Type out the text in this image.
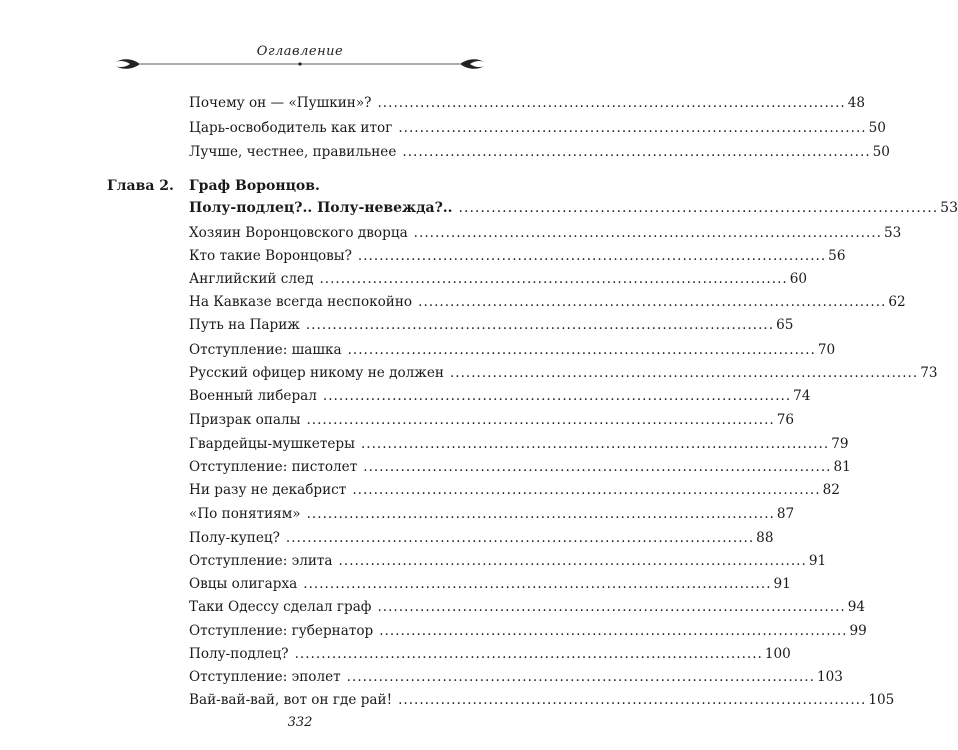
Оглавление
Почему он — «Пушкин»? ........................................................................................ 48
Царь-освободитель как итог ........................................................................................ 50
Лучше, честнее, правильнее ........................................................................................ 50
Глава 2. Граф Воронцов.
Полу-подлец?.. Полу-невежда?.. ........................................................................................ 53
Хозяин Воронцовского дворца ........................................................................................ 53
Кто такие Воронцовы? ........................................................................................ 56
Английский след ........................................................................................ 60
На Кавказе всегда неспокойно ........................................................................................ 62
Путь на Париж ........................................................................................ 65
Отступление: шашка ........................................................................................ 70
Русский офицер никому не должен ........................................................................................ 73
Военный либерал ........................................................................................ 74
Призрак опалы ........................................................................................ 76
Гвардейцы-мушкетеры ........................................................................................ 79
Отступление: пистолет ........................................................................................ 81
Ни разу не декабрист ........................................................................................ 82
«По понятиям» ........................................................................................ 87
Полу-купец? ........................................................................................ 88
Отступление: элита ........................................................................................ 91
Овцы олигарха ........................................................................................ 91
Таки Одессу сделал граф ........................................................................................ 94
Отступление: губернатор ........................................................................................ 99
Полу-подлец? ........................................................................................ 100
Отступление: эполет ........................................................................................ 103
Вай-вай-вай, вот он где рай! ........................................................................................ 105
332
